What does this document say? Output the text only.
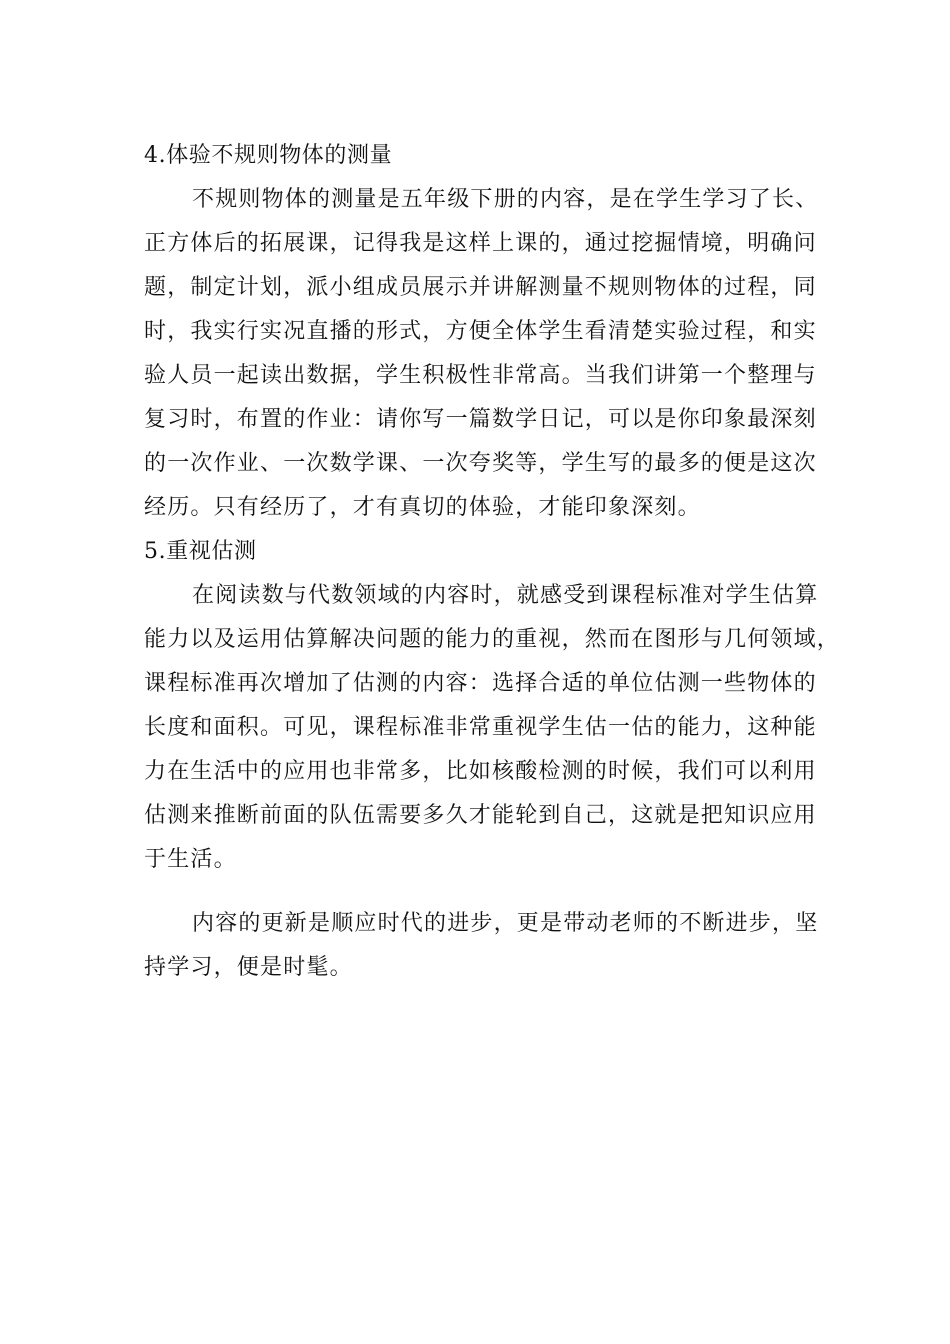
4.体验不规则物体的测量
不规则物体的测量是五年级下册的内容，是在学生学习了长、
正方体后的拓展课，记得我是这样上课的，通过挖掘情境，明确问
题，制定计划，派小组成员展示并讲解测量不规则物体的过程，同
时，我实行实况直播的形式，方便全体学生看清楚实验过程，和实
验人员一起读出数据，学生积极性非常高。当我们讲第一个整理与
复习时，布置的作业：请你写一篇数学日记，可以是你印象最深刻
的一次作业、一次数学课、一次夸奖等，学生写的最多的便是这次
经历。只有经历了，才有真切的体验，才能印象深刻。
5.重视估测
在阅读数与代数领域的内容时，就感受到课程标准对学生估算
能力以及运用估算解决问题的能力的重视，然而在图形与几何领域，
课程标准再次增加了估测的内容：选择合适的单位估测一些物体的
长度和面积。可见，课程标准非常重视学生估一估的能力，这种能
力在生活中的应用也非常多，比如核酸检测的时候，我们可以利用
估测来推断前面的队伍需要多久才能轮到自己，这就是把知识应用
于生活。
内容的更新是顺应时代的进步，更是带动老师的不断进步，坚
持学习，便是时髦。
